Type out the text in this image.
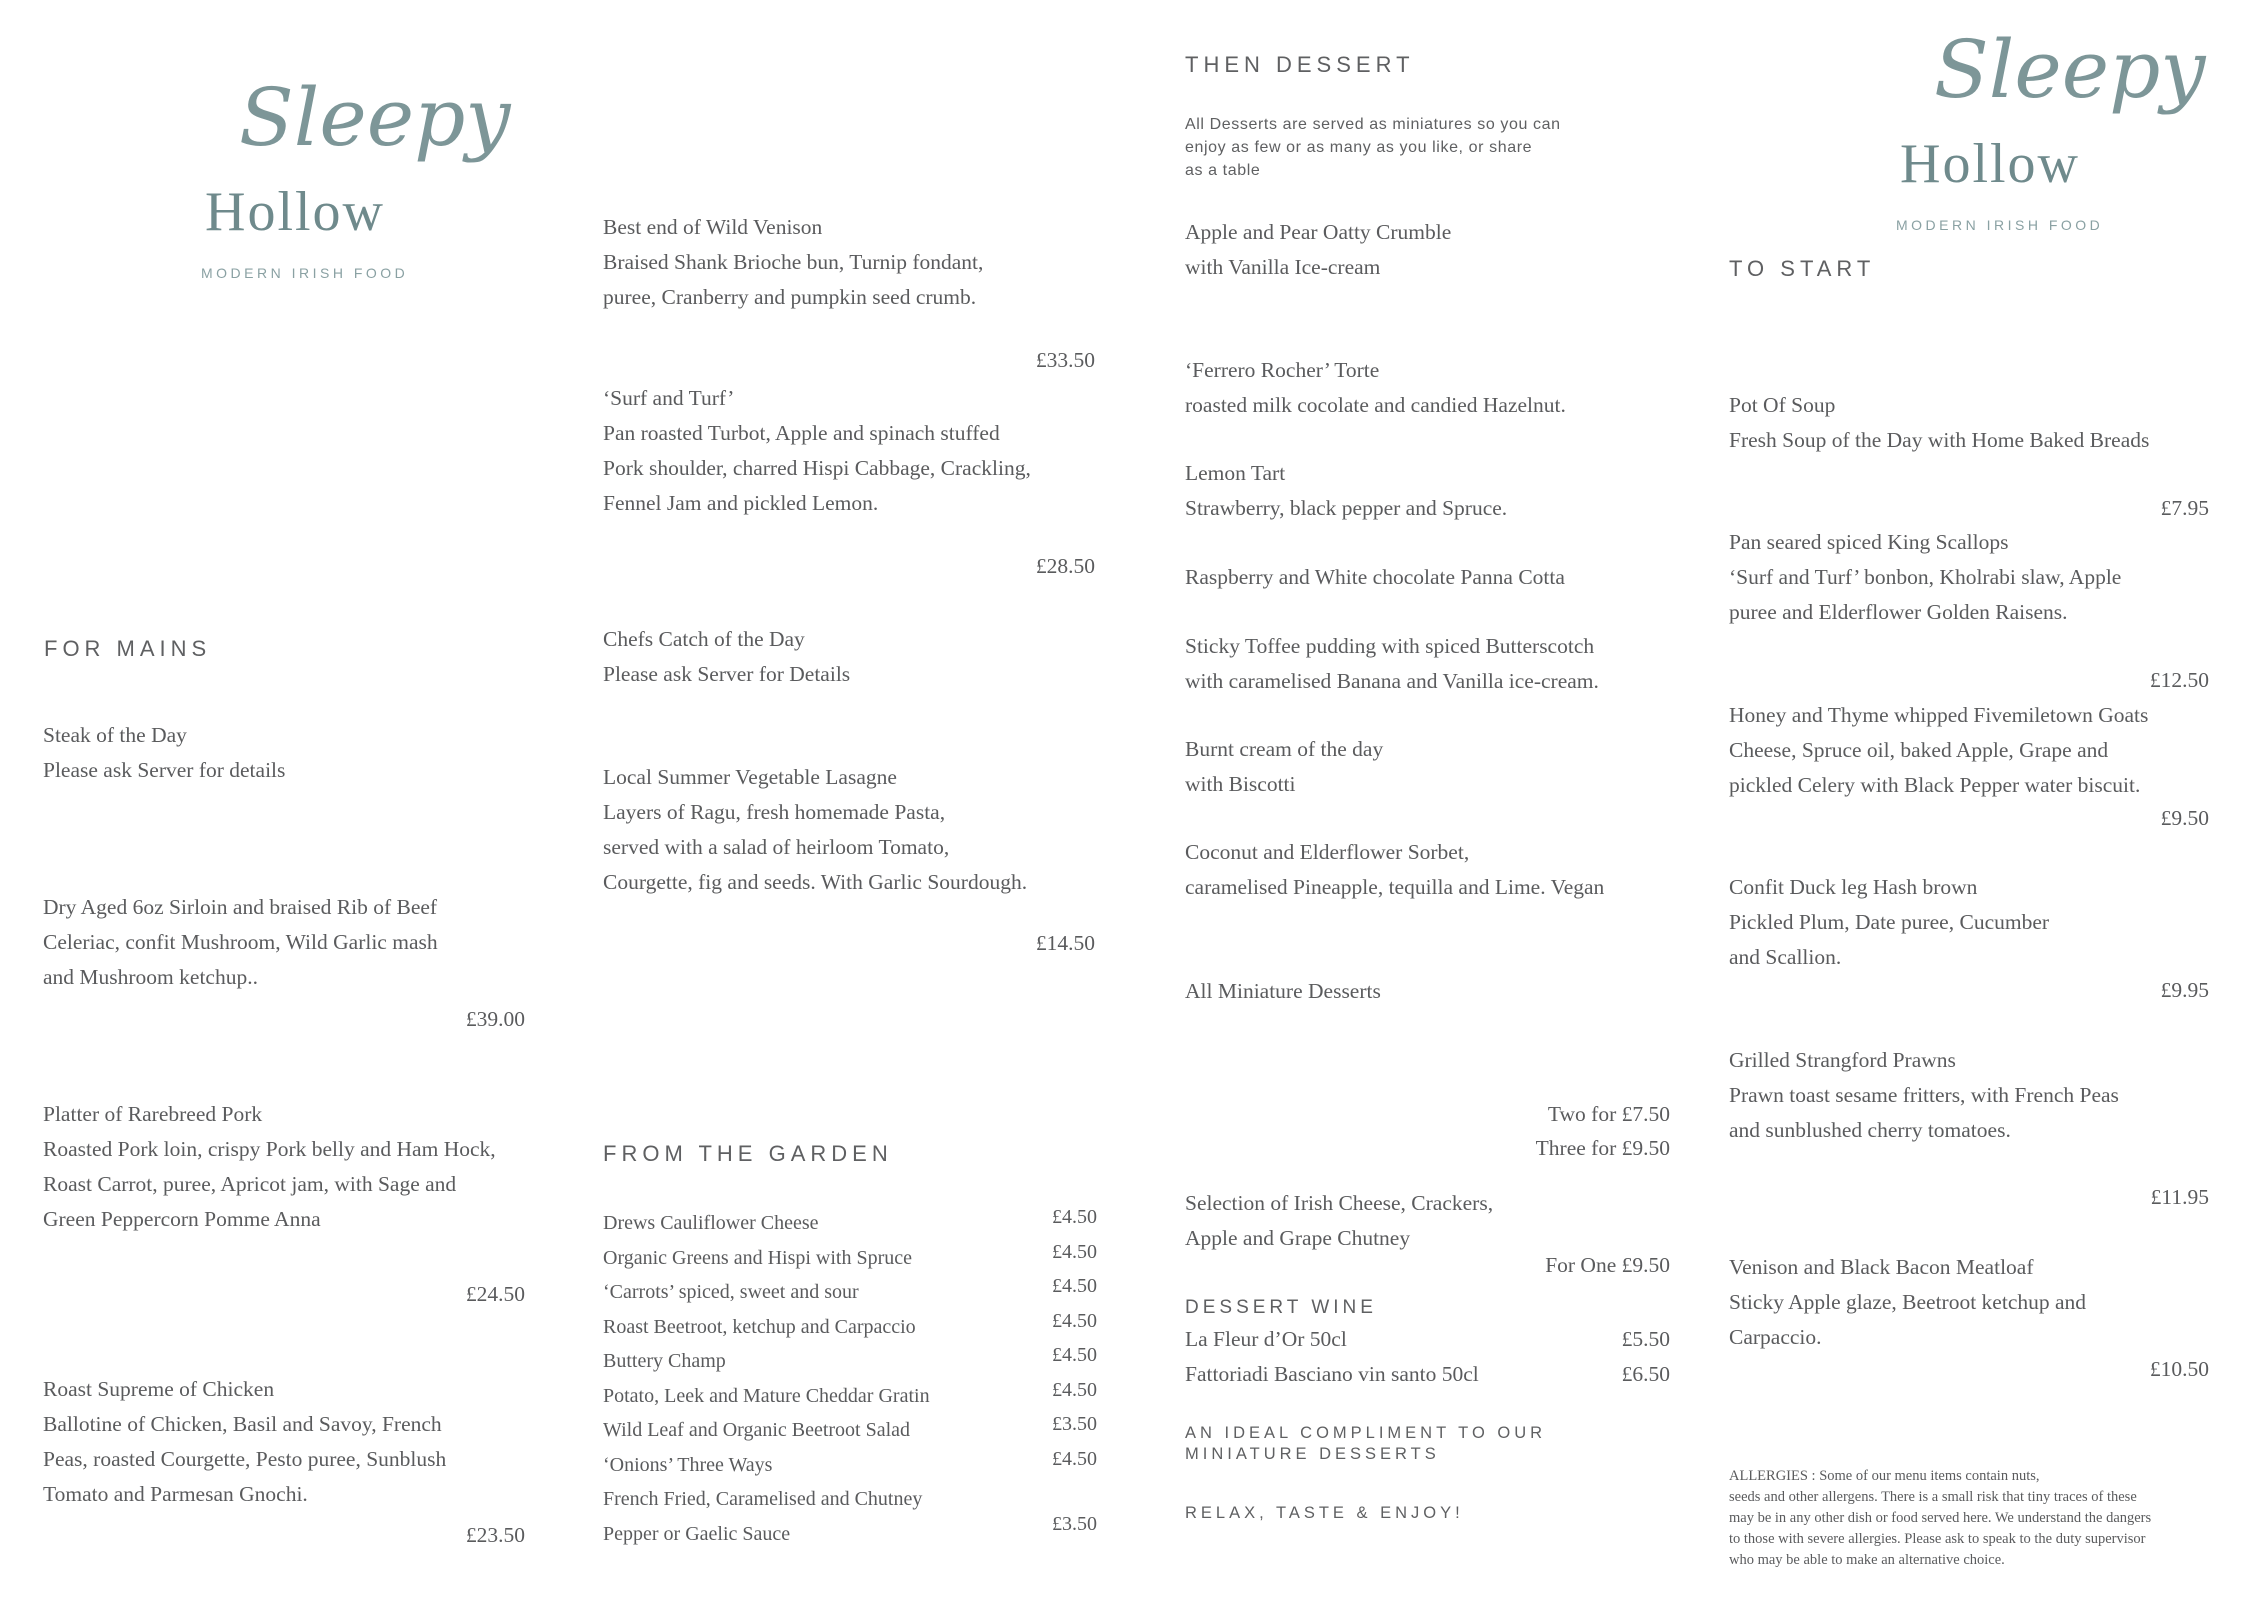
Sleepy
Hollow
MODERN IRISH FOOD
Sleepy
Hollow
MODERN IRISH FOOD
FOR MAINS
Steak of the Day
Please ask Server for details
Dry Aged 6oz Sirloin and braised Rib of Beef
Celeriac, confit Mushroom, Wild Garlic mash
and Mushroom ketchup..
£39.00
Platter of Rarebreed Pork
Roasted Pork loin, crispy Pork belly and Ham Hock,
Roast Carrot, puree, Apricot jam, with Sage and
Green Peppercorn Pomme Anna
£24.50
Roast Supreme of Chicken
Ballotine of Chicken, Basil and Savoy, French
Peas, roasted Courgette, Pesto puree, Sunblush
Tomato and Parmesan Gnochi.
£23.50
Best end of Wild Venison
Braised Shank Brioche bun, Turnip fondant,
puree, Cranberry and pumpkin seed crumb.
£33.50
‘Surf and Turf’
Pan roasted Turbot, Apple and spinach stuffed
Pork shoulder, charred Hispi Cabbage, Crackling,
Fennel Jam and pickled Lemon.
£28.50
Chefs Catch of the Day
Please ask Server for Details
Local Summer Vegetable Lasagne
Layers of Ragu, fresh homemade Pasta,
served with a salad of heirloom Tomato,
Courgette, fig and seeds. With Garlic Sourdough.
£14.50
FROM THE GARDEN
Drews Cauliflower Cheese	£4.50
Organic Greens and Hispi with Spruce	£4.50
‘Carrots’ spiced, sweet and sour	£4.50
Roast Beetroot, ketchup and Carpaccio	£4.50
Buttery Champ	£4.50
Potato, Leek and Mature Cheddar Gratin	£4.50
Wild Leaf and Organic Beetroot Salad	£3.50
‘Onions’ Three Ways	£4.50
French Fried, Caramelised and Chutney
Pepper or Gaelic Sauce	£3.50
THEN DESSERT
All Desserts are served as miniatures so you can
enjoy as few or as many as you like, or share
as a table
Apple and Pear Oatty Crumble
with Vanilla Ice-cream
‘Ferrero Rocher’ Torte
roasted milk cocolate and candied Hazelnut.
Lemon Tart
Strawberry, black pepper and Spruce.
Raspberry and White chocolate Panna Cotta
Sticky Toffee pudding with spiced Butterscotch
with caramelised Banana and Vanilla ice-cream.
Burnt cream of the day
with Biscotti
Coconut and Elderflower Sorbet,
caramelised Pineapple, tequilla and Lime. Vegan
All Miniature Desserts
Two for £7.50
Three for £9.50
Selection of Irish Cheese, Crackers,
Apple and Grape Chutney
For One £9.50
DESSERT WINE
La Fleur d’Or 50cl	£5.50
Fattoriadi Basciano vin santo 50cl	£6.50
AN IDEAL COMPLIMENT TO OUR
MINIATURE DESSERTS
RELAX, TASTE & ENJOY!
TO START
Pot Of Soup
Fresh Soup of the Day with Home Baked Breads
£7.95
Pan seared spiced King Scallops
‘Surf and Turf’ bonbon, Kholrabi slaw, Apple
puree and Elderflower Golden Raisens.
£12.50
Honey and Thyme whipped Fivemiletown Goats
Cheese, Spruce oil, baked Apple, Grape and
pickled Celery with Black Pepper water biscuit.
£9.50
Confit Duck leg Hash brown
Pickled Plum, Date puree, Cucumber
and Scallion.
£9.95
Grilled Strangford Prawns
Prawn toast sesame fritters, with French Peas
and sunblushed cherry tomatoes.
£11.95
Venison and Black Bacon Meatloaf
Sticky Apple glaze, Beetroot ketchup and
Carpaccio.
£10.50
ALLERGIES : Some of our menu items contain nuts,
seeds and other allergens. There is a small risk that tiny traces of these
may be in any other dish or food served here. We understand the dangers
to those with severe allergies. Please ask to speak to the duty supervisor
who may be able to make an alternative choice.
